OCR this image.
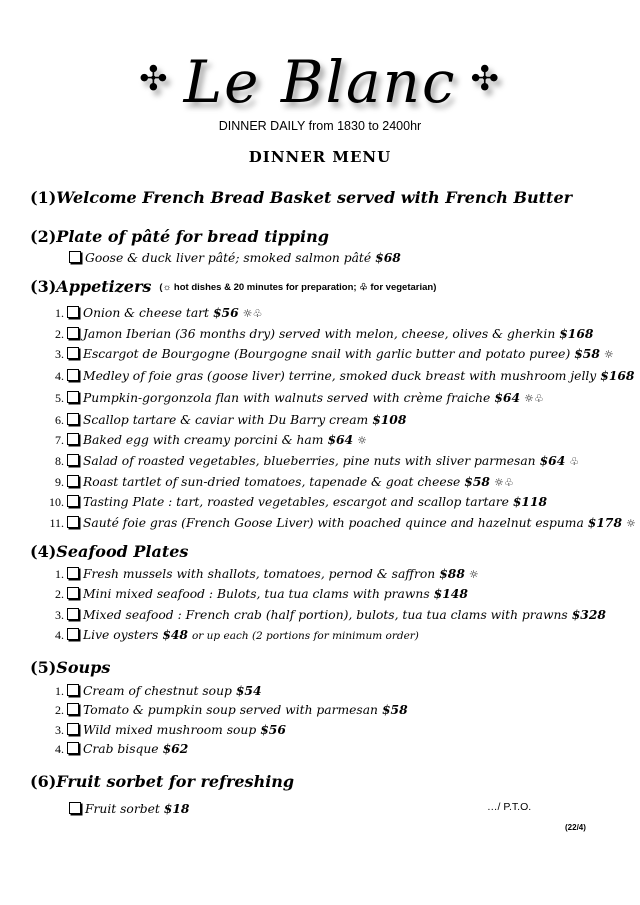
✣ Le Blanc ✣
DINNER DAILY from 1830 to 2400hr
DINNER MENU
(1)Welcome French Bread Basket served with French Butter
(2)Plate of pâté for bread tipping
Goose & duck liver pâté; smoked salmon pâté $68
(3)Appetizers (☼ hot dishes & 20 minutes for preparation; ♧ for vegetarian)
1. Onion & cheese tart $56 ☼♧
2. Jamon Iberian (36 months dry) served with melon, cheese, olives & gherkin $168
3. Escargot de Bourgogne (Bourgogne snail with garlic butter and potato puree) $58 ☼
4. Medley of foie gras (goose liver) terrine, smoked duck breast with mushroom jelly $168
5. Pumpkin-gorgonzola flan with walnuts served with crème fraiche $64 ☼♧
6. Scallop tartare & caviar with Du Barry cream $108
7. Baked egg with creamy porcini & ham $64 ☼
8. Salad of roasted vegetables, blueberries, pine nuts with sliver parmesan $64 ♧
9. Roast tartlet of sun-dried tomatoes, tapenade & goat cheese $58 ☼♧
10. Tasting Plate : tart, roasted vegetables, escargot and scallop tartare $118
11. Sauté foie gras (French Goose Liver) with poached quince and hazelnut espuma $178 ☼
(4)Seafood Plates
1. Fresh mussels with shallots, tomatoes, pernod & saffron $88 ☼
2. Mini mixed seafood : Bulots, tua tua clams with prawns $148
3. Mixed seafood : French crab (half portion), bulots, tua tua clams with prawns $328
4. Live oysters $48 or up each (2 portions for minimum order)
(5)Soups
1. Cream of chestnut soup $54
2. Tomato & pumpkin soup served with parmesan $58
3. Wild mixed mushroom soup $56
4. Crab bisque $62
(6)Fruit sorbet for refreshing
Fruit sorbet $18	…/ P.T.O.
(22/4)
